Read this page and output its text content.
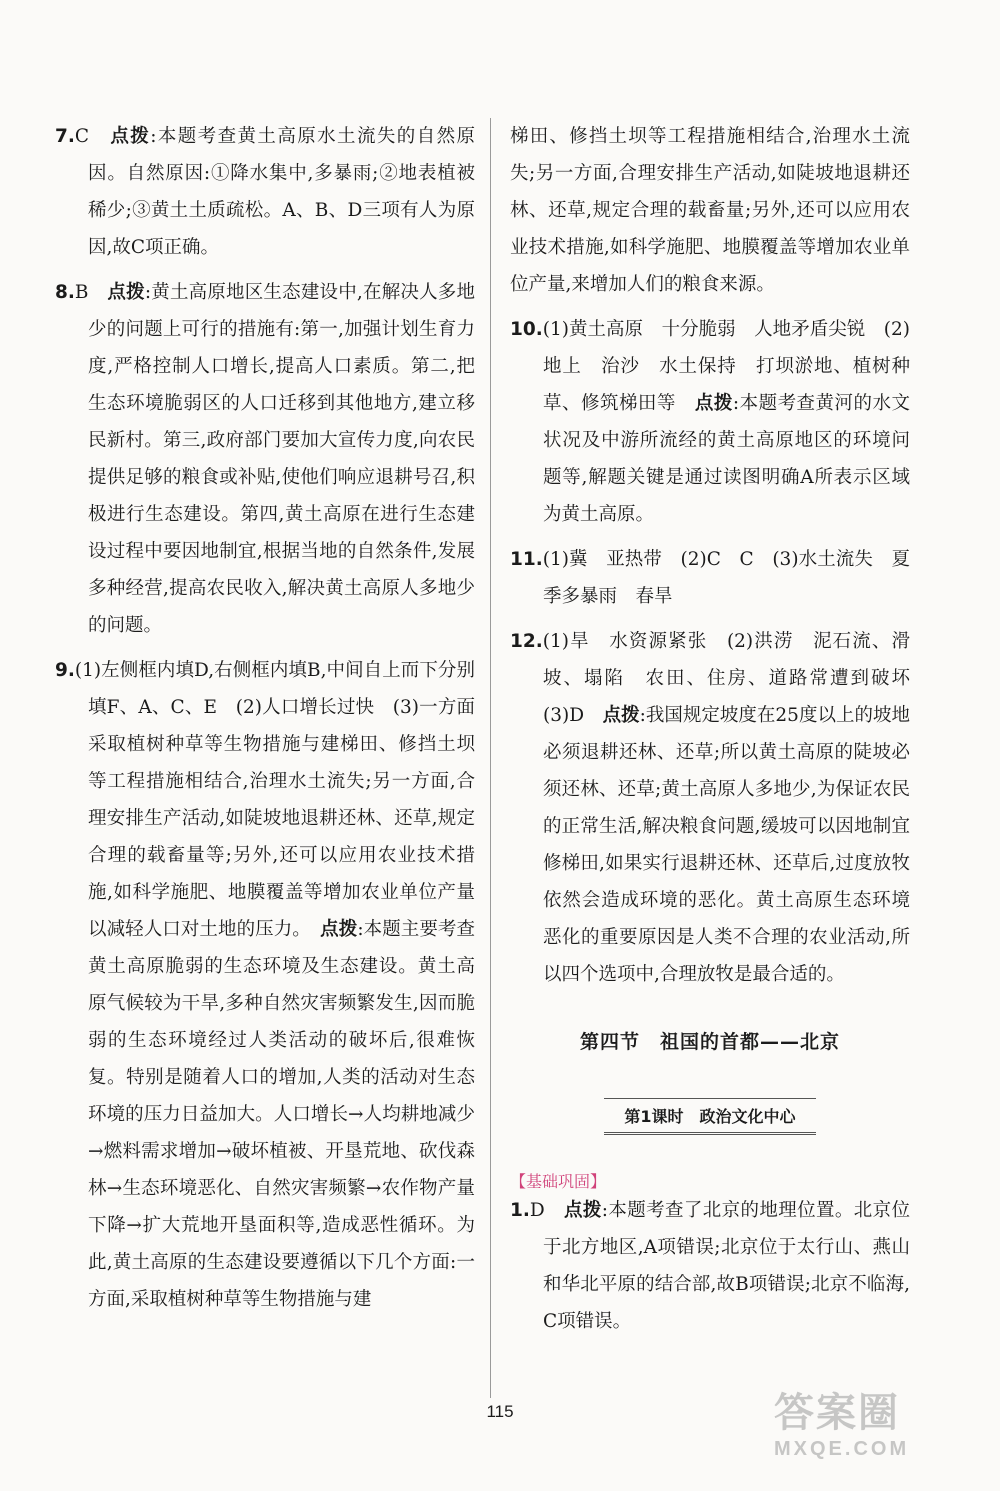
7.C　点拨:本题考查黄土高原水土流失的自然原因。自然原因:①降水集中,多暴雨;②地表植被稀少;③黄土土质疏松。A、B、D三项有人为原因,故C项正确。

8.B　点拨:黄土高原地区生态建设中,在解决人多地少的问题上可行的措施有:第一,加强计划生育力度,严格控制人口增长,提高人口素质。第二,把生态环境脆弱区的人口迁移到其他地方,建立移民新村。第三,政府部门要加大宣传力度,向农民提供足够的粮食或补贴,使他们响应退耕号召,积极进行生态建设。第四,黄土高原在进行生态建设过程中要因地制宜,根据当地的自然条件,发展多种经营,提高农民收入,解决黄土高原人多地少的问题。

9.(1)左侧框内填D,右侧框内填B,中间自上而下分别填F、A、C、E　(2)人口增长过快　(3)一方面采取植树种草等生物措施与建梯田、修挡土坝等工程措施相结合,治理水土流失;另一方面,合理安排生产活动,如陡坡地退耕还林、还草,规定合理的载畜量等;另外,还可以应用农业技术措施,如科学施肥、地膜覆盖等增加农业单位产量以减轻人口对土地的压力。　点拨:本题主要考查黄土高原脆弱的生态环境及生态建设。黄土高原气候较为干旱,多种自然灾害频繁发生,因而脆弱的生态环境经过人类活动的破坏后,很难恢复。特别是随着人口的增加,人类的活动对生态环境的压力日益加大。人口增长→人均耕地减少→燃料需求增加→破坏植被、开垦荒地、砍伐森林→生态环境恶化、自然灾害频繁→农作物产量下降→扩大荒地开垦面积等,造成恶性循环。为此,黄土高原的生态建设要遵循以下几个方面:一方面,采取植树种草等生物措施与建

梯田、修挡土坝等工程措施相结合,治理水土流失;另一方面,合理安排生产活动,如陡坡地退耕还林、还草,规定合理的载畜量;另外,还可以应用农业技术措施,如科学施肥、地膜覆盖等增加农业单位产量,来增加人们的粮食来源。

10.(1)黄土高原　十分脆弱　人地矛盾尖锐　(2)地上　治沙　水土保持　打坝淤地、植树种草、修筑梯田等　点拨:本题考查黄河的水文状况及中游所流经的黄土高原地区的环境问题等,解题关键是通过读图明确A所表示区域为黄土高原。

11.(1)冀　亚热带　(2)C　C　(3)水土流失　夏季多暴雨　春旱

12.(1)旱　水资源紧张　(2)洪涝　泥石流、滑坡、塌陷　农田、住房、道路常遭到破坏　(3)D　点拨:我国规定坡度在25度以上的坡地必须退耕还林、还草;所以黄土高原的陡坡必须还林、还草;黄土高原人多地少,为保证农民的正常生活,解决粮食问题,缓坡可以因地制宜修梯田,如果实行退耕还林、还草后,过度放牧依然会造成环境的恶化。黄土高原生态环境恶化的重要原因是人类不合理的农业活动,所以四个选项中,合理放牧是最合适的。

第四节　祖国的首都——北京
第1课时　政治文化中心
【基础巩固】

1.D　点拨:本题考查了北京的地理位置。北京位于北方地区,A项错误;北京位于太行山、燕山和华北平原的结合部,故B项错误;北京不临海,C项错误。

115	答案圈
MXQE.COM
